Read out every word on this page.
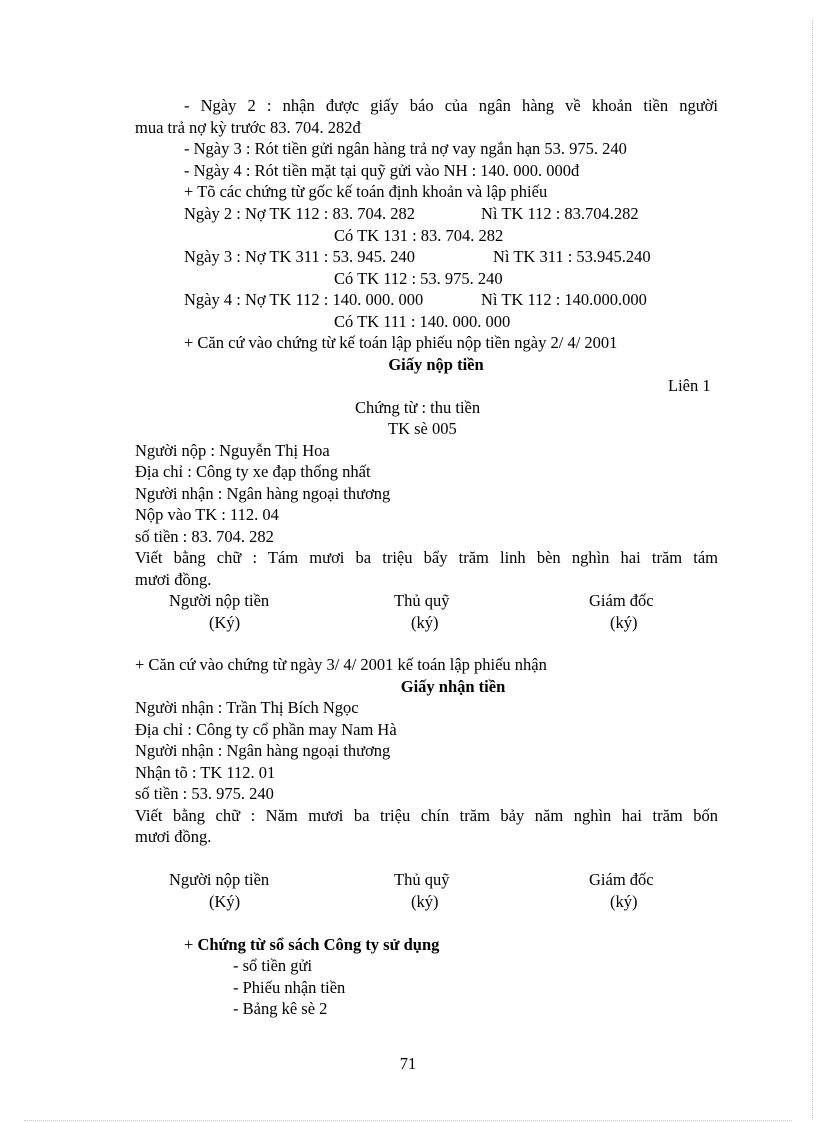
- Ngày 2 : nhận được giấy báo của ngân hàng về khoản tiền người
mua trả nợ kỳ trước 83. 704. 282đ
- Ngày 3 : Rót tiền gửi ngân hàng trả nợ vay ngắn hạn 53. 975. 240
- Ngày 4 : Rót tiền mặt tại quỹ gửi vào NH : 140. 000. 000đ
+ Tõ các chứng từ gốc kế toán định khoản và lập phiếu
Ngày 2 : Nợ TK 112 : 83. 704. 282	Nì TK 112 : 83.704.282
Có TK 131 : 83. 704. 282
Ngày 3 : Nợ TK 311 : 53. 945. 240	Nì TK 311 : 53.945.240
Có TK 112 : 53. 975. 240
Ngày 4 : Nợ TK 112 : 140. 000. 000	Nì TK 112 : 140.000.000
Có TK 111 : 140. 000. 000
+ Căn cứ vào chứng từ kế toán lập phiếu nộp tiền ngày 2/ 4/ 2001
Giấy nộp tiền
Liên 1
Chứng từ : thu tiền
TK sè 005
Người nộp : Nguyễn Thị Hoa
Địa chỉ : Công ty xe đạp thống nhất
Người nhận : Ngân hàng ngoại thương
Nộp vào TK : 112. 04
số tiền : 83. 704. 282
Viết bằng chữ : Tám mươi ba triệu bẩy trăm linh bèn nghìn hai trăm tám
mươi đồng.
Người nộp tiền	Thủ quỹ	Giám đốc
(Ký)	(ký)	(ký)
+ Căn cứ vào chứng từ ngày 3/ 4/ 2001 kế toán lập phiếu nhận
Giấy nhận tiền
Người nhận : Trần Thị Bích Ngọc
Địa chỉ : Công ty cổ phần may Nam Hà
Người nhận : Ngân hàng ngoại thương
Nhận tõ : TK 112. 01
số tiền : 53. 975. 240
Viết bằng chữ : Năm mươi ba triệu chín trăm bảy năm nghìn hai trăm bốn
mươi đồng.
Người nộp tiền	Thủ quỹ	Giám đốc
(Ký)	(ký)	(ký)
+ Chứng từ sổ sách Công ty sử dụng
- sổ tiền gửi
- Phiếu nhận tiền
- Bảng kê sè 2
71
